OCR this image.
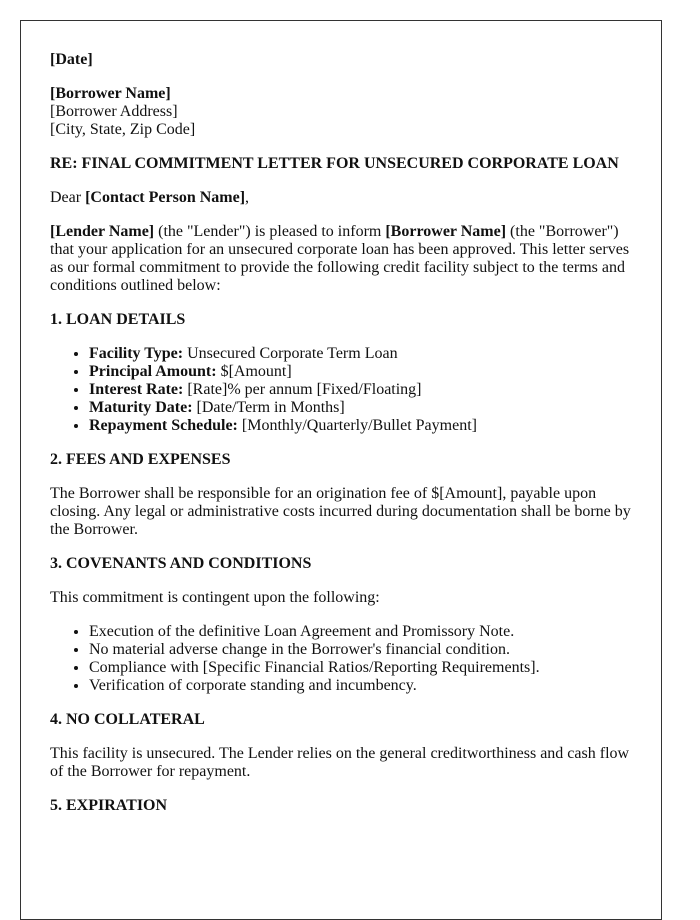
[Date]

[Borrower Name]

[Borrower Address]

[City, State, Zip Code]

RE: FINAL COMMITMENT LETTER FOR UNSECURED CORPORATE LOAN

Dear [Contact Person Name],

[Lender Name] (the "Lender") is pleased to inform [Borrower Name] (the "Borrower") that your application for an unsecured corporate loan has been approved. This letter serves as our formal commitment to provide the following credit facility subject to the terms and conditions outlined below:

1. LOAN DETAILS
• Facility Type: Unsecured Corporate Term Loan
• Principal Amount: $[Amount]
• Interest Rate: [Rate]% per annum [Fixed/Floating]
• Maturity Date: [Date/Term in Months]
• Repayment Schedule: [Monthly/Quarterly/Bullet Payment]
2. FEES AND EXPENSES

The Borrower shall be responsible for an origination fee of $[Amount], payable upon closing. Any legal or administrative costs incurred during documentation shall be borne by the Borrower.

3. COVENANTS AND CONDITIONS

This commitment is contingent upon the following:

• Execution of the definitive Loan Agreement and Promissory Note.
• No material adverse change in the Borrower's financial condition.
• Compliance with [Specific Financial Ratios/Reporting Requirements].
• Verification of corporate standing and incumbency.
4. NO COLLATERAL

This facility is unsecured. The Lender relies on the general creditworthiness and cash flow of the Borrower for repayment.

5. EXPIRATION
